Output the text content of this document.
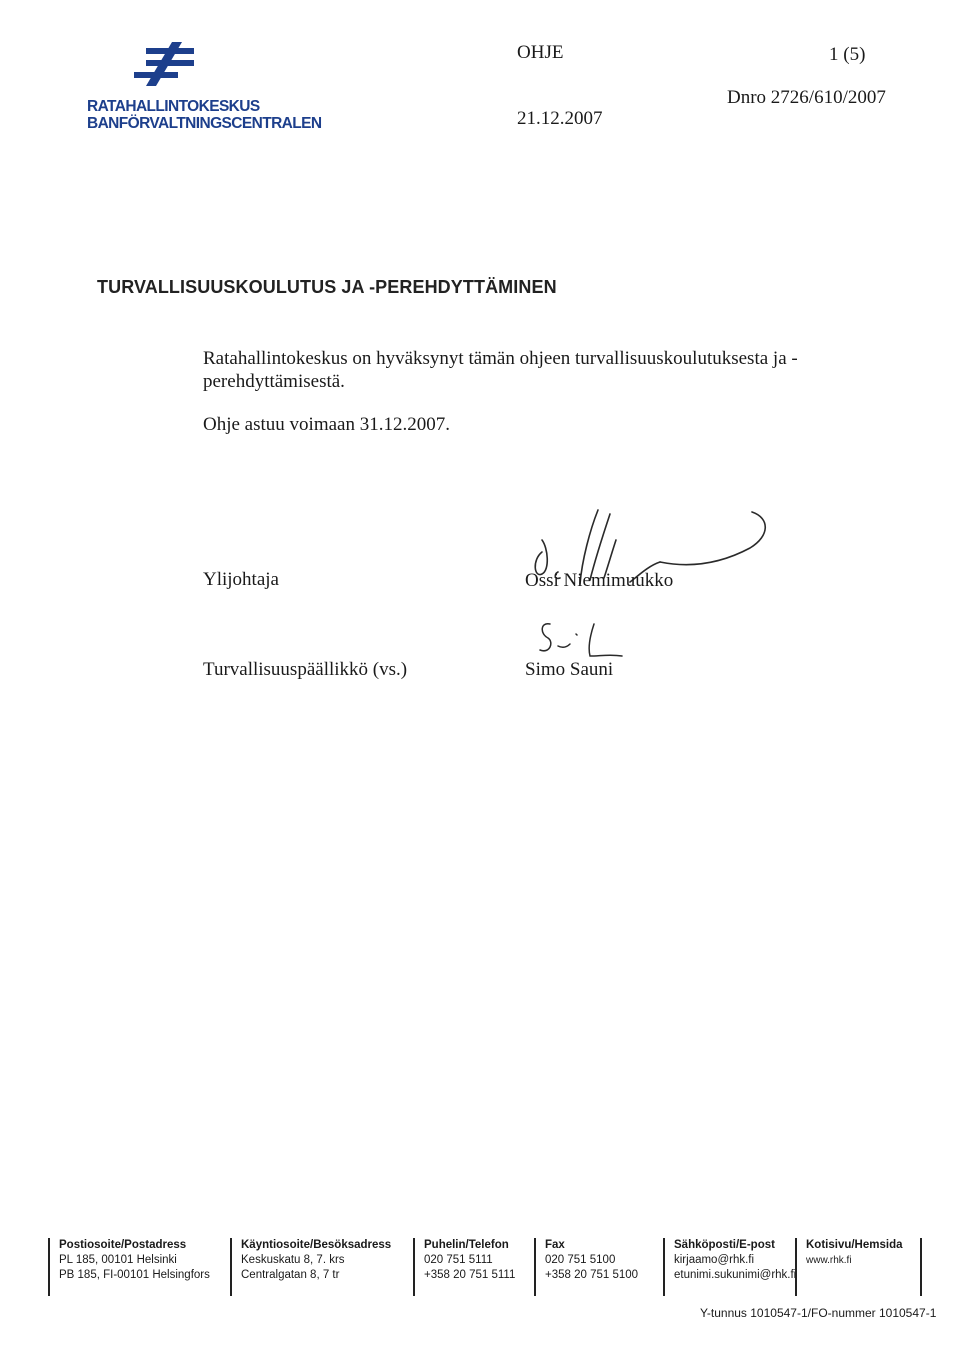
RATAHALLINTOKESKUS
BANFÖRVALTNINGSCENTRALEN
OHJE	1 (5)
Dnro 2726/610/2007
21.12.2007
TURVALLISUUSKOULUTUS JA -PEREHDYTTÄMINEN
Ratahallintokeskus on hyväksynyt tämän ohjeen turvallisuuskoulutuksesta ja -perehdyttämisestä.
Ohje astuu voimaan 31.12.2007.
Ylijohtaja	Ossi Niemimuukko
Turvallisuuspäällikkö (vs.)	Simo Sauni
Postiosoite/Postadress
PL 185, 00101 Helsinki
PB 185, FI-00101 Helsingfors
Käyntiosoite/Besöksadress
Keskuskatu 8, 7. krs
Centralgatan 8, 7 tr
Puhelin/Telefon
020 751 5111
+358 20 751 5111
Fax
020 751 5100
+358 20 751 5100
Sähköposti/E-post
kirjaamo@rhk.fi
etunimi.sukunimi@rhk.fi
Kotisivu/Hemsida
www.rhk.fi
Y-tunnus 1010547-1/FO-nummer 1010547-1
